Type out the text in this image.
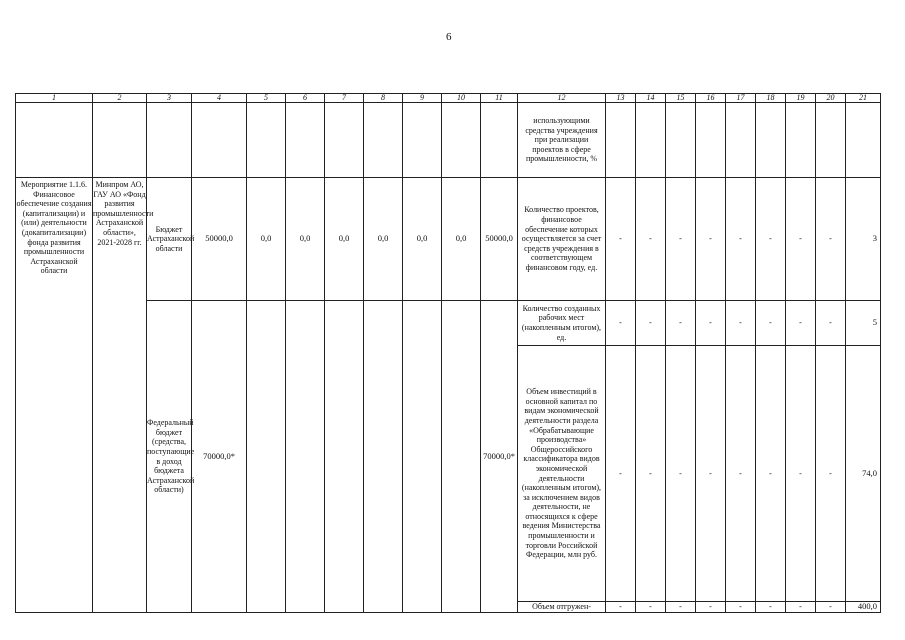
6
1	2	3	4	5	6	7	8	9	10	11	12	13	14	15	16	17	18	19	20	21
											использующими средства учреждения при реализации проектов в сфере промышленности, %									
Мероприятие 1.1.6. Финансовое обеспечение создания (капитализации) и (или) деятельности (докапитализации) фонда развития промышленности Астраханской области	Минпром АО, ГАУ АО «Фонд развития промышленности Астраханской области», 2021-2028 гг.	Бюджет Астраханской области	50000,0	0,0	0,0	0,0	0,0	0,0	0,0	50000,0	Количество проектов, финансовое обеспечение которых осуществляется за счет средств учреждения в соответствующем финансовом году, ед.	-	-	-	-	-	-	-	-	3
		Федеральный бюджет (средства, поступающие в доход бюджета Астраханской области)	70000,0*							70000,0*	Количество созданных рабочих мест (накопленным итогом), ед.	-	-	-	-	-	-	-	-	5
											Объем инвестиций в основной капитал по видам экономической деятельности раздела «Обрабатывающие производства» Общероссийского классификатора видов экономической деятельности (накопленным итогом), за исключением видов деятельности, не относящихся к сфере ведения Министерства промышленности и торговли Российской Федерации, млн руб.	-	-	-	-	-	-	-	-	74,0
											Объем отгружен-	-	-	-	-	-	-	-	-	400,0
